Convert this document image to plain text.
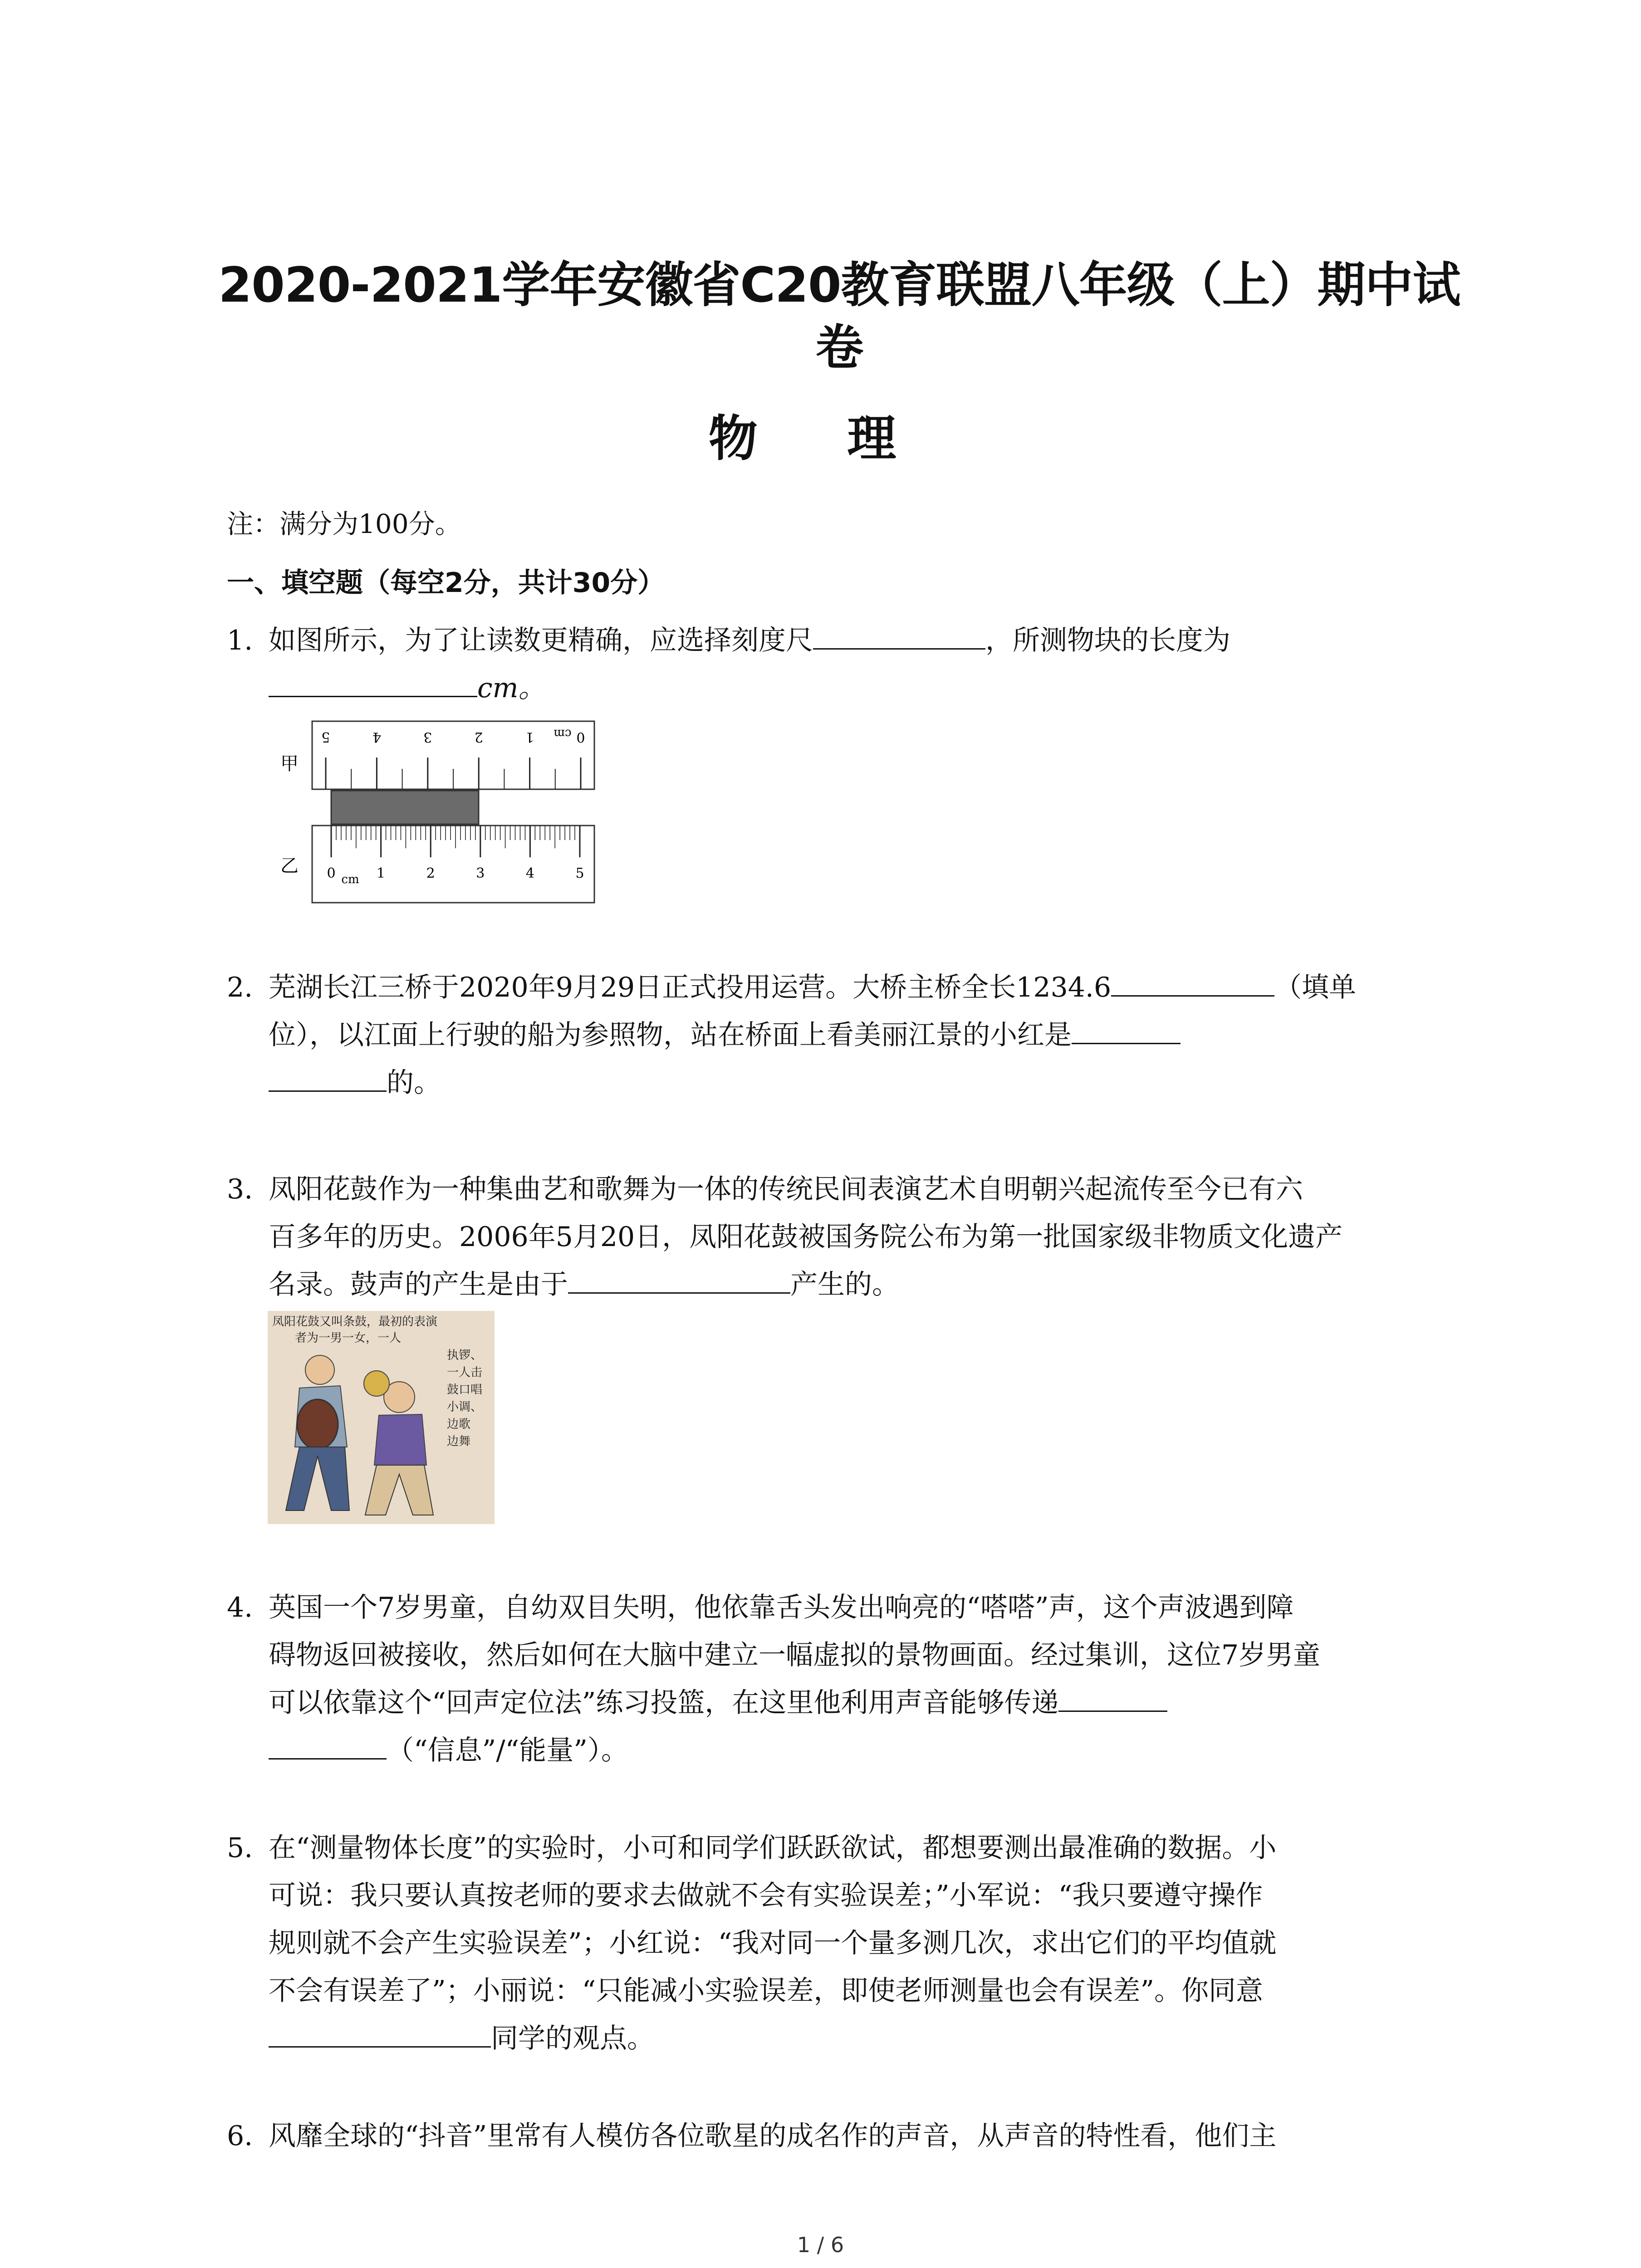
2020-2021学年安徽省C20教育联盟八年级（上）期中试卷
物 理
注：满分为100分。
一、填空题（每空2分，共计30分）
1. 如图所示，为了让读数更精确，应选择刻度尺	，所测物块的长度为
cm。
甲
乙
5	4	3	2	1	0
cm
0	1	2	3	4	5
cm
2. 芜湖长江三桥于2020年9月29日正式投用运营。大桥主桥全长1234.6	（填单
位），以江面上行驶的船为参照物，站在桥面上看美丽江景的小红是
的。
3. 凤阳花鼓作为一种集曲艺和歌舞为一体的传统民间表演艺术自明朝兴起流传至今已有六
百多年的历史。2006年5月20日，凤阳花鼓被国务院公布为第一批国家级非物质文化遗产
名录。鼓声的产生是由于	产生的。
凤阳花鼓又叫条鼓，最初的表演
者为一男一女，一人
执锣、
一人击
鼓口唱
小调、
边歌
边舞
4. 英国一个7岁男童，自幼双目失明，他依靠舌头发出响亮的“嗒嗒”声，这个声波遇到障
碍物返回被接收，然后如何在大脑中建立一幅虚拟的景物画面。经过集训，这位7岁男童
可以依靠这个“回声定位法”练习投篮，在这里他利用声音能够传递
（“信息”/“能量”）。
5. 在“测量物体长度”的实验时，小可和同学们跃跃欲试，都想要测出最准确的数据。小
可说：我只要认真按老师的要求去做就不会有实验误差；”小军说：“我只要遵守操作
规则就不会产生实验误差”；小红说：“我对同一个量多测几次，求出它们的平均值就
不会有误差了”；小丽说：“只能减小实验误差，即使老师测量也会有误差”。你同意
同学的观点。
6. 风靡全球的“抖音”里常有人模仿各位歌星的成名作的声音，从声音的特性看，他们主
1 / 6
